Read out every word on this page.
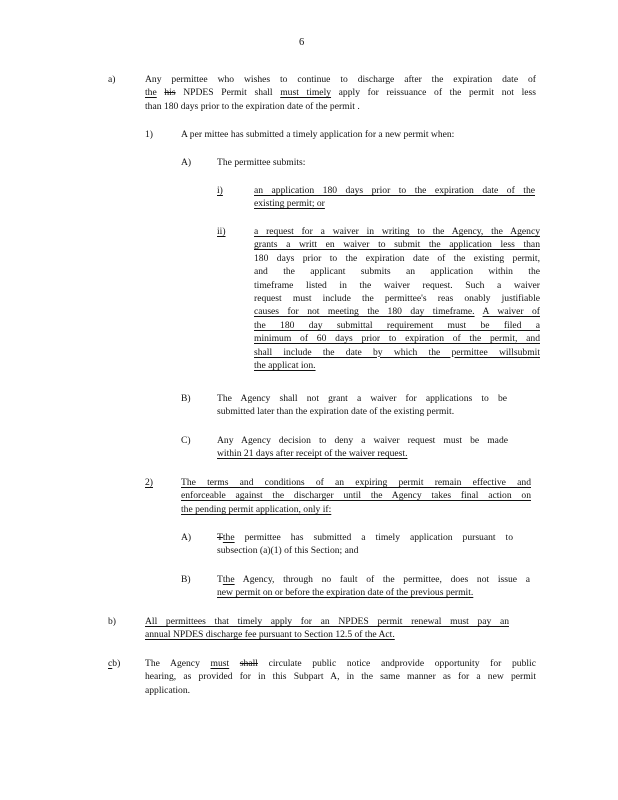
6
a)	Any permittee who wishes to continue to discharge after the expiration date of
the his NPDES Permit shall must timely apply for reissuance of the permit not less
than 180 days prior to the expiration date of the permit .
1)	A per mittee has submitted a timely application for a new permit when:
A)	The permittee submits:
i)	an application 180 days prior to the expiration date of the
existing permit; or
ii)	a request for a waiver in writing to the Agency, the Agency
grants a writt en waiver to submit the application less than
180 days prior to the expiration date of the existing permit,
and the applicant submits an application within the
timeframe listed in the waiver request. Such a waiver
request must include the permittee's reas onably justifiable
causes for not meeting the 180 day timeframe. A waiver of
the 180 day submittal requirement must be filed a
minimum of 60 days prior to expiration of the permit, and
shall include the date by which the permittee willsubmit
the applicat ion.
B)	The Agency shall not grant a waiver for applications to be
submitted later than the expiration date of the existing permit.
C)	Any Agency decision to deny a waiver request must be made
within 21 days after receipt of the waiver request.
2)	The terms and conditions of an expiring permit remain effective and
enforceable against the discharger until the Agency takes final action on
the pending permit application, only if:
A)	Tthe permittee has submitted a timely application pursuant to
subsection (a)(1) of this Section; and
B)	Tthe Agency, through no fault of the permittee, does not issue a
new permit on or before the expiration date of the previous permit.
b)	All permittees that timely apply for an NPDES permit renewal must pay an
annual NPDES discharge fee pursuant to Section 12.5 of the Act.
cb)	The Agency must shall circulate public notice andprovide opportunity for public
hearing, as provided for in this Subpart A, in the same manner as for a new permit
application.
